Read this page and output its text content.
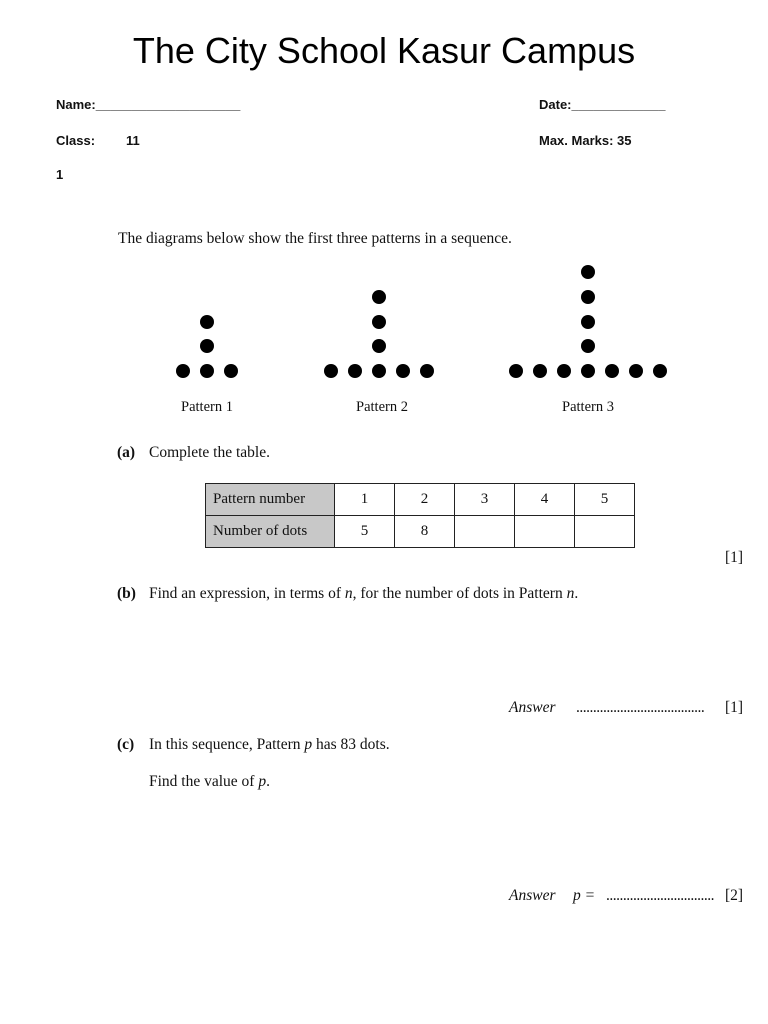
The City School Kasur Campus
Name:____________________	Date:_____________
Class: 11	Max. Marks: 35
1
The diagrams below show the first three patterns in a sequence.
Pattern 1	Pattern 2	Pattern 3
(a) Complete the table.
Pattern number	1	2	3	4	5
Number of dots	5	8			
[1]
(b) Find an expression, in terms of n, for the number of dots in Pattern n.
Answer ...................................... [1]
(c) In this sequence, Pattern p has 83 dots.
Find the value of p.
Answer p = ................................ [2]
